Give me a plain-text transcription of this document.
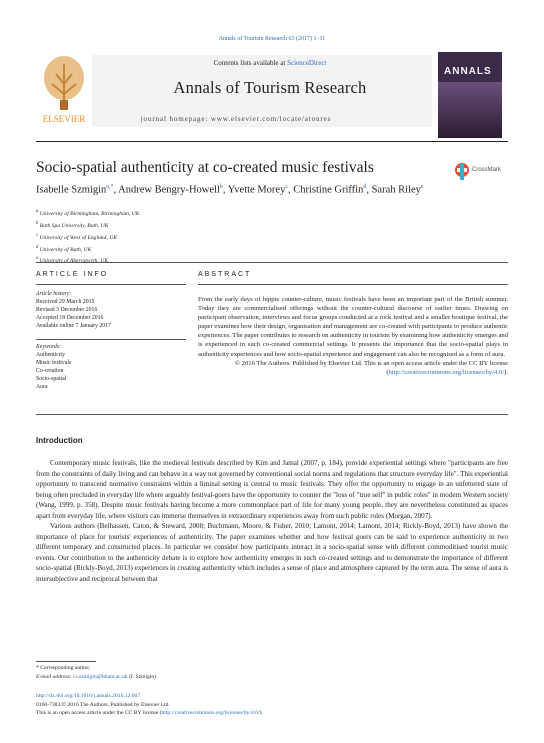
Annals of Tourism Research 63 (2017) 1–11
ELSEVIER
Contents lists available at ScienceDirect
Annals of Tourism Research
journal homepage: www.elsevier.com/locate/atoures
ANNALS
Socio-spatial authenticity at co-created music festivals	CrossMark
Isabelle Szmigin$^{a,*}$, Andrew Bengry-Howell$^b$, Yvette Morey$^c$, Christine Griffin$^d$, Sarah Riley$^e$
$^a$ University of Birmingham, Birmingham, UK
$^b$ Bath Spa University, Bath, UK
$^c$ University of West of England, UK
$^d$ University of Bath, UK
$^e$ University of Aberystwyth, UK
ARTICLE INFO	ABSTRACT
Article history:
Received 29 March 2015
Revised 3 December 2016
Accepted 18 December 2016
Available online 7 January 2017
Keywords:
Authenticity
Music festivals
Co-creation
Socio-spatial
Aura
From the early days of hippie counter-culture, music festivals have been an important part of the British summer. Today they are commercialised offerings without the counter-cultural discourse of earlier times. Drawing on participant observation, interviews and focus groups conducted at a rock festival and a smaller boutique festival, the paper examines how their design, organisation and management are co-created with participants to produce authentic experiences. The paper contributes to research on authenticity in tourism by examining how authenticity emerges and is experienced in such co-created commercial settings. It presents the importance that the socio-spatial plays in authenticity experiences and how socio-spatial experience and engagement can also be recognised as a form of aura.
© 2016 The Authors. Published by Elsevier Ltd. This is an open access article under the CC BY license (http://creativecommons.org/licenses/by/4.0/).
Introduction

Contemporary music festivals, like the medieval festivals described by Kim and Jamal (2007, p. 184), provide experiential settings where "participants are free from the constraints of daily living and can behave in a way not governed by conventional social norms and regulations that structure everyday life". This experiential opportunity to transcend normative constraints within a liminal setting is central to music festivals. They offer the opportunity to engage in an unfettered state of being often precluded in everyday life where arguably festival-goers have the opportunity to counter the "loss of "true self" in public roles" in modern Western society (Wang, 1999, p. 358). Despite music festivals having become a more commonplace part of life for many young people, they are nevertheless constituted as spaces apart from everyday life, where visitors can immerse themselves in extraordinary experiences away from such public roles (Morgan, 2007).

Various authors (Belhassen, Caton, & Steward, 2008; Buchmann, Moore, & Fisher, 2010; Lamont, 2014; Lamont, 2014; Rickly-Boyd, 2013) have shown the importance of place for tourists' experiences of authenticity. The paper examines whether and how festival goers can be said to experience authenticity in two different temporary and constructed places. In particular we consider how participants interact in a socio-spatial sense with different commoditised tourist music events. Our contribution to the authenticity debate is to explore how authenticity emerges in such co-created settings and to demonstrate the importance of different socio-spatial (Rickly-Boyd, 2013) experiences in creating authenticity which includes a sense of place and atmosphere captured by the term aura. The sense of aura is intersubjective and reciprocal between that

* Corresponding author.
E-mail address: i.t.szmigin@bham.ac.uk (I. Szmigin).
http://dx.doi.org/10.1016/j.annals.2016.12.007
0160-7383/© 2016 The Authors. Published by Elsevier Ltd.
This is an open access article under the CC BY license (http://creativecommons.org/licenses/by/4.0/).
